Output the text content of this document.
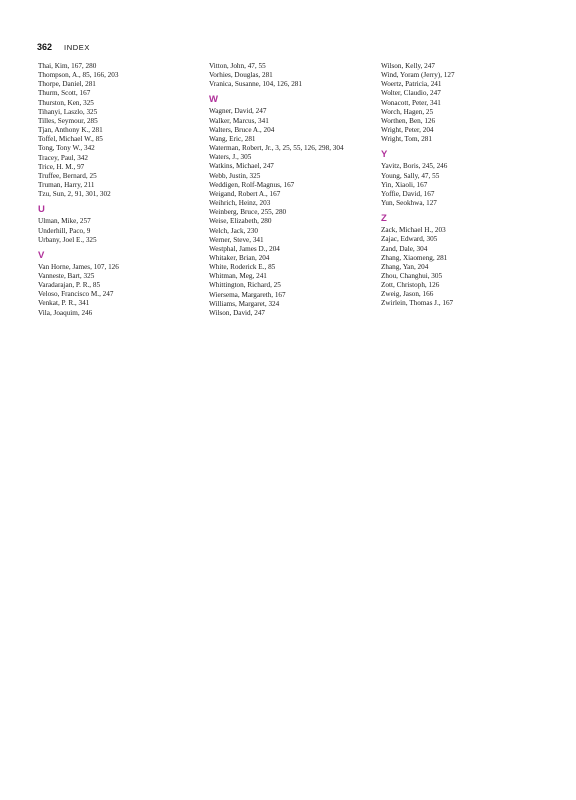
362 INDEX
Thai, Kim, 167, 280
Thompson, A., 85, 166, 203
Thorpe, Daniel, 281
Thurm, Scott, 167
Thurston, Ken, 325
Tihanyi, Laszlo, 325
Tilles, Seymour, 285
Tjan, Anthony K., 281
Toffel, Michael W., 85
Tong, Tony W., 342
Tracey, Paul, 342
Trice, H. M., 97
Truffee, Bernard, 25
Truman, Harry, 211
Tzu, Sun, 2, 91, 301, 302
U
Ulman, Mike, 257
Underhill, Paco, 9
Urbany, Joel E., 325
V
Van Horne, James, 107, 126
Vanneste, Bart, 325
Varadarajan, P. R., 85
Veloso, Francisco M., 247
Venkat, P. R., 341
Vila, Joaquim, 246
Vitton, John, 47, 55
Vorhies, Douglas, 281
Vranica, Susanne, 104, 126, 281
W
Wagner, David, 247
Walker, Marcus, 341
Walters, Bruce A., 204
Wang, Eric, 281
Waterman, Robert, Jr., 3, 25, 55, 126, 298, 304
Waters, J., 305
Watkins, Michael, 247
Webb, Justin, 325
Weddigen, Rolf-Magnus, 167
Weigand, Robert A., 167
Weihrich, Heinz, 203
Weinberg, Bruce, 255, 280
Weise, Elizabeth, 280
Welch, Jack, 230
Werner, Steve, 341
Westphal, James D., 204
Whitaker, Brian, 204
White, Roderick E., 85
Whitman, Meg, 241
Whittington, Richard, 25
Wiersema, Margareth, 167
Williams, Margaret, 324
Wilson, David, 247
Wilson, Kelly, 247
Wind, Yoram (Jerry), 127
Woertz, Patricia, 241
Wolter, Claudio, 247
Wonacott, Peter, 341
Worch, Hagen, 25
Worthen, Ben, 126
Wright, Peter, 204
Wright, Tom, 281
Y
Yavitz, Boris, 245, 246
Young, Sally, 47, 55
Yin, Xiaoli, 167
Yoffie, David, 167
Yun, Seokhwa, 127
Z
Zack, Michael H., 203
Zajac, Edward, 305
Zand, Dale, 304
Zhang, Xiaomeng, 281
Zhang, Yan, 204
Zhou, Changhui, 305
Zott, Christoph, 126
Zweig, Jason, 166
Zwirlein, Thomas J., 167
